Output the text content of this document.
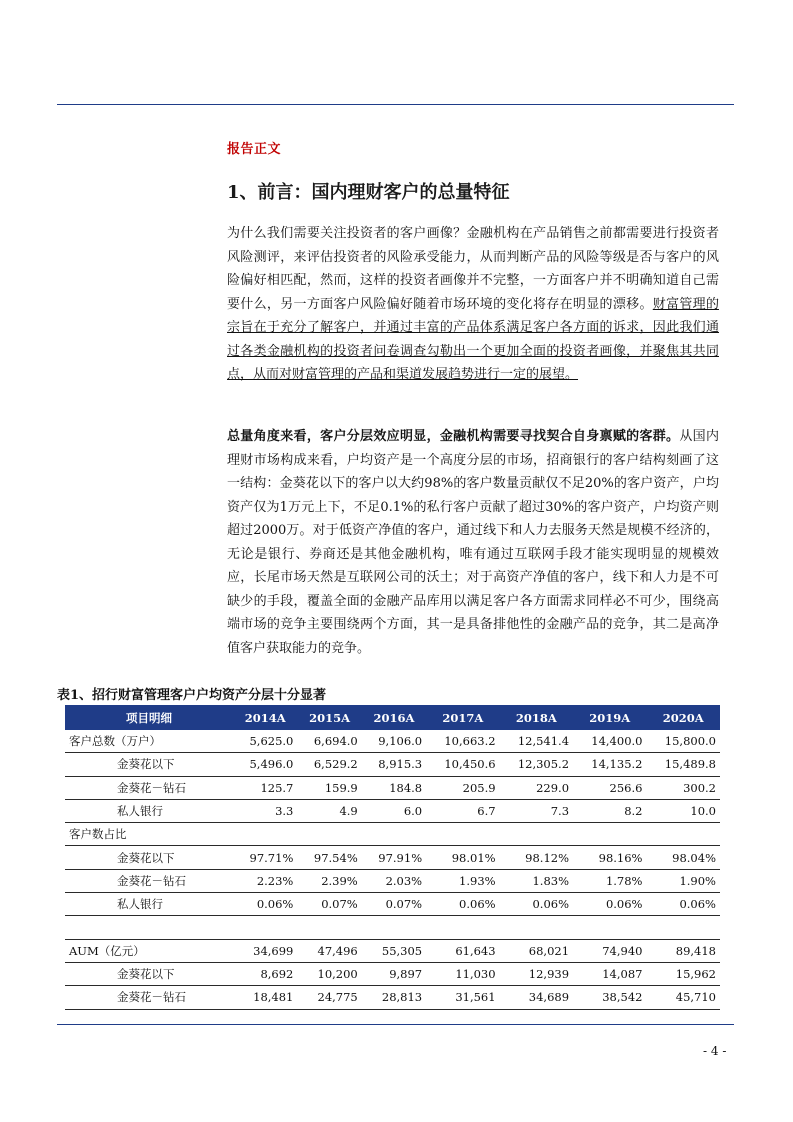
报告正文
1、前言：国内理财客户的总量特征
为什么我们需要关注投资者的客户画像？金融机构在产品销售之前都需要进行投资者风险测评，来评估投资者的风险承受能力，从而判断产品的风险等级是否与客户的风险偏好相匹配，然而，这样的投资者画像并不完整，一方面客户并不明确知道自己需要什么，另一方面客户风险偏好随着市场环境的变化将存在明显的漂移。财富管理的宗旨在于充分了解客户，并通过丰富的产品体系满足客户各方面的诉求，因此我们通过各类金融机构的投资者问卷调查勾勒出一个更加全面的投资者画像，并聚焦其共同点，从而对财富管理的产品和渠道发展趋势进行一定的展望。
总量角度来看，客户分层效应明显，金融机构需要寻找契合自身禀赋的客群。从国内理财市场构成来看，户均资产是一个高度分层的市场，招商银行的客户结构刻画了这一结构：金葵花以下的客户以大约98%的客户数量贡献仅不足20%的客户资产，户均资产仅为1万元上下，不足0.1%的私行客户贡献了超过30%的客户资产，户均资产则超过2000万。对于低资产净值的客户，通过线下和人力去服务天然是规模不经济的，无论是银行、券商还是其他金融机构，唯有通过互联网手段才能实现明显的规模效应，长尾市场天然是互联网公司的沃土；对于高资产净值的客户，线下和人力是不可缺少的手段，覆盖全面的金融产品库用以满足客户各方面需求同样必不可少，围绕高端市场的竞争主要围绕两个方面，其一是具备排他性的金融产品的竞争，其二是高净值客户获取能力的竞争。
表1、招行财富管理客户户均资产分层十分显著
项目明细	2014A	2015A	2016A	2017A	2018A	2019A	2020A
客户总数（万户）	5,625.0	6,694.0	9,106.0	10,663.2	12,541.4	14,400.0	15,800.0
金葵花以下	5,496.0	6,529.2	8,915.3	10,450.6	12,305.2	14,135.2	15,489.8
金葵花－钻石	125.7	159.9	184.8	205.9	229.0	256.6	300.2
私人银行	3.3	4.9	6.0	6.7	7.3	8.2	10.0
客户数占比							
金葵花以下	97.71%	97.54%	97.91%	98.01%	98.12%	98.16%	98.04%
金葵花－钻石	2.23%	2.39%	2.03%	1.93%	1.83%	1.78%	1.90%
私人银行	0.06%	0.07%	0.07%	0.06%	0.06%	0.06%	0.06%

AUM（亿元）	34,699	47,496	55,305	61,643	68,021	74,940	89,418
金葵花以下	8,692	10,200	9,897	11,030	12,939	14,087	15,962
金葵花－钻石	18,481	24,775	28,813	31,561	34,689	38,542	45,710
- 4 -
